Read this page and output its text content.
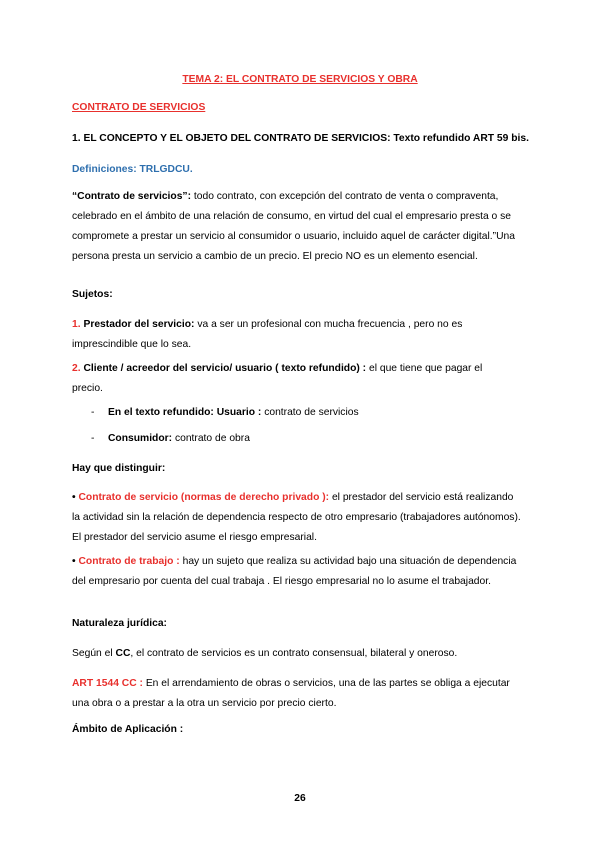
TEMA 2: EL CONTRATO DE SERVICIOS Y OBRA

CONTRATO DE SERVICIOS

1. EL CONCEPTO Y EL OBJETO DEL CONTRATO DE SERVICIOS: Texto refundido ART 59 bis.

Definiciones: TRLGDCU.

“Contrato de servicios”: todo contrato, con excepción del contrato de venta o compraventa, celebrado en el ámbito de una relación de consumo, en virtud del cual el empresario presta o se compromete a prestar un servicio al consumidor o usuario, incluido aquel de carácter digital.”Una persona presta un servicio a cambio de un precio. El precio NO es un elemento esencial.

Sujetos:

1. Prestador del servicio: va a ser un profesional con mucha frecuencia , pero no es imprescindible que lo sea.

2. Cliente / acreedor del servicio/ usuario ( texto refundido) : el que tiene que pagar el precio.

- En el texto refundido: Usuario : contrato de servicios

- Consumidor: contrato de obra

Hay que distinguir:

• Contrato de servicio (normas de derecho privado ): el prestador del servicio está realizando la actividad sin la relación de dependencia respecto de otro empresario (trabajadores autónomos). El prestador del servicio asume el riesgo empresarial.

• Contrato de trabajo : hay un sujeto que realiza su actividad bajo una situación de dependencia del empresario por cuenta del cual trabaja . El riesgo empresarial no lo asume el trabajador.

Naturaleza jurídica:

Según el CC, el contrato de servicios es un contrato consensual, bilateral y oneroso.

ART 1544 CC : En el arrendamiento de obras o servicios, una de las partes se obliga a ejecutar una obra o a prestar a la otra un servicio por precio cierto.

Ámbito de Aplicación :

26
